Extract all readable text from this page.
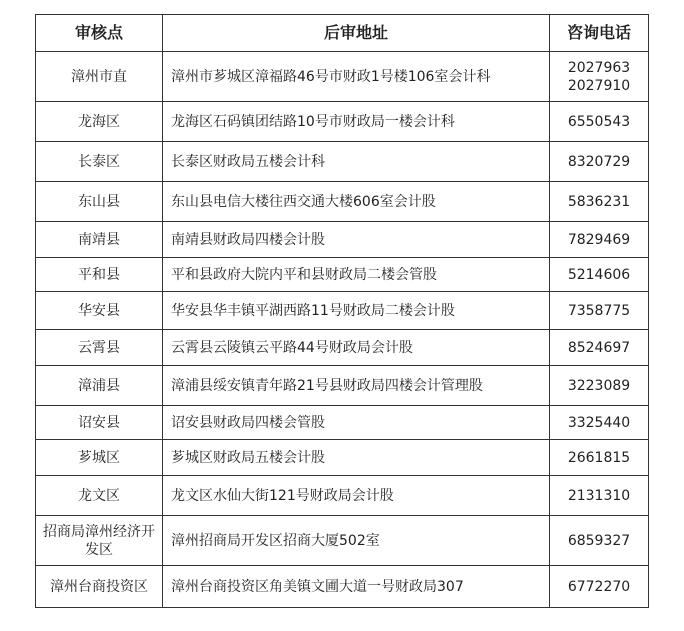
审核点	后审地址	咨询电话
漳州市直	漳州市芗城区漳福路46号市财政1号楼106室会计科	2027963
2027910

龙海区	龙海区石码镇团结路10号市财政局一楼会计科	6550543

长泰区	长泰区财政局五楼会计科	8320729

东山县	东山县电信大楼往西交通大楼606室会计股	5836231

南靖县	南靖县财政局四楼会计股	7829469

平和县	平和县政府大院内平和县财政局二楼会管股	5214606

华安县	华安县华丰镇平湖西路11号财政局二楼会计股	7358775

云霄县	云霄县云陵镇云平路44号财政局会计股	8524697

漳浦县	漳浦县绥安镇青年路21号县财政局四楼会计管理股	3223089

诏安县	诏安县财政局四楼会管股	3325440

芗城区	芗城区财政局五楼会计股	2661815

龙文区	龙文区水仙大街121号财政局会计股	2131310

招商局漳州经济开发区	漳州招商局开发区招商大厦502室	6859327

漳州台商投资区	漳州台商投资区角美镇文圃大道一号财政局307	6772270
